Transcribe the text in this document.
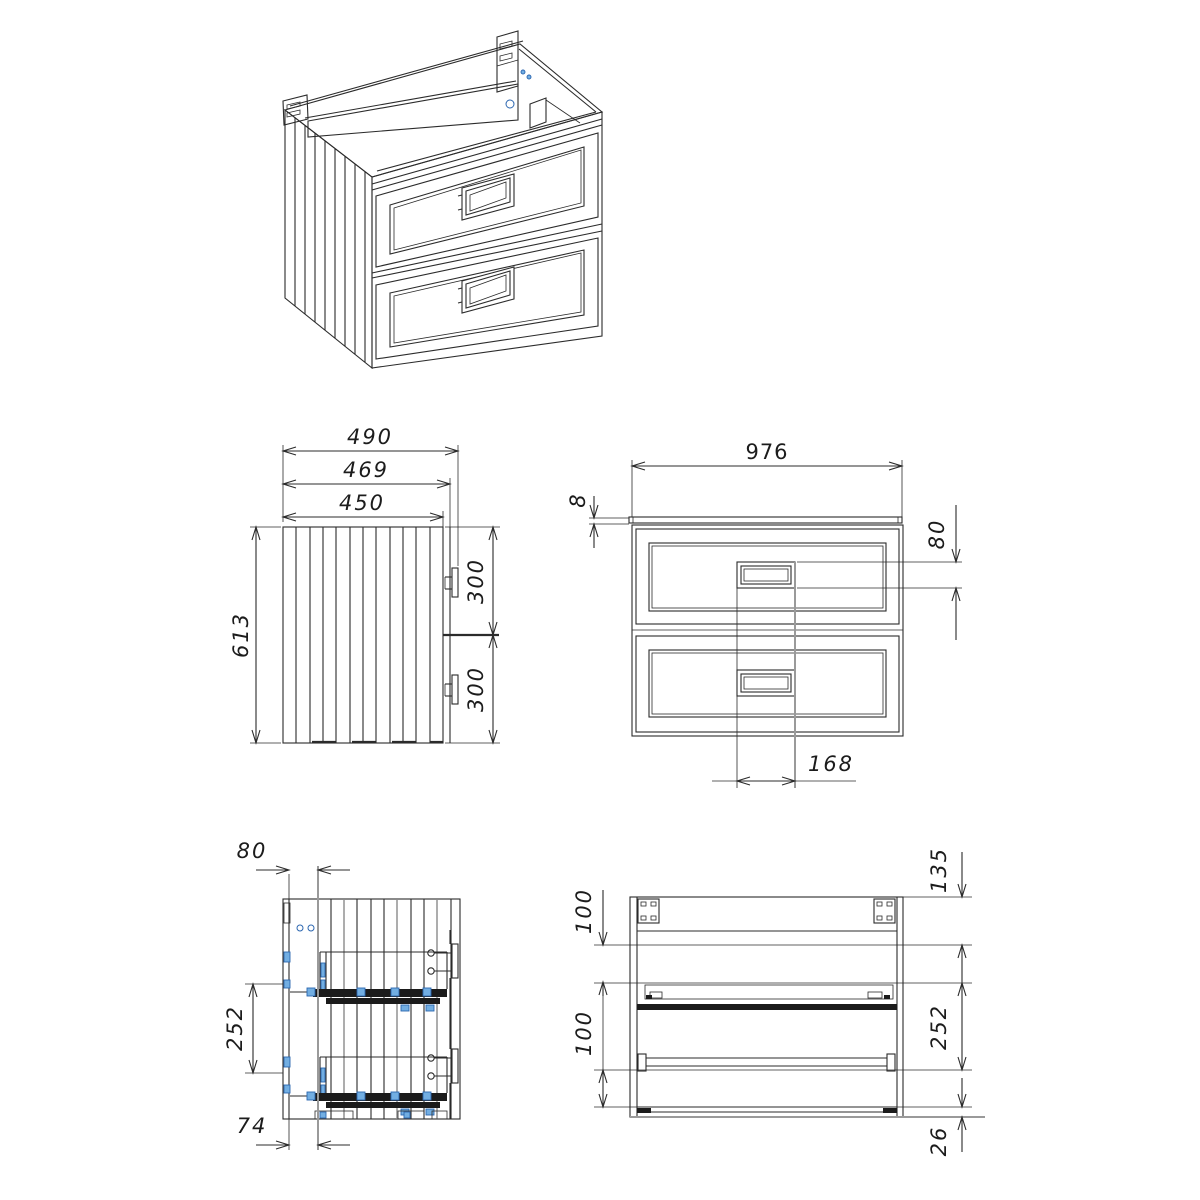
490
469
450
613
300
300
976
8
168
80
80
252
74
100
100
135
252
26
